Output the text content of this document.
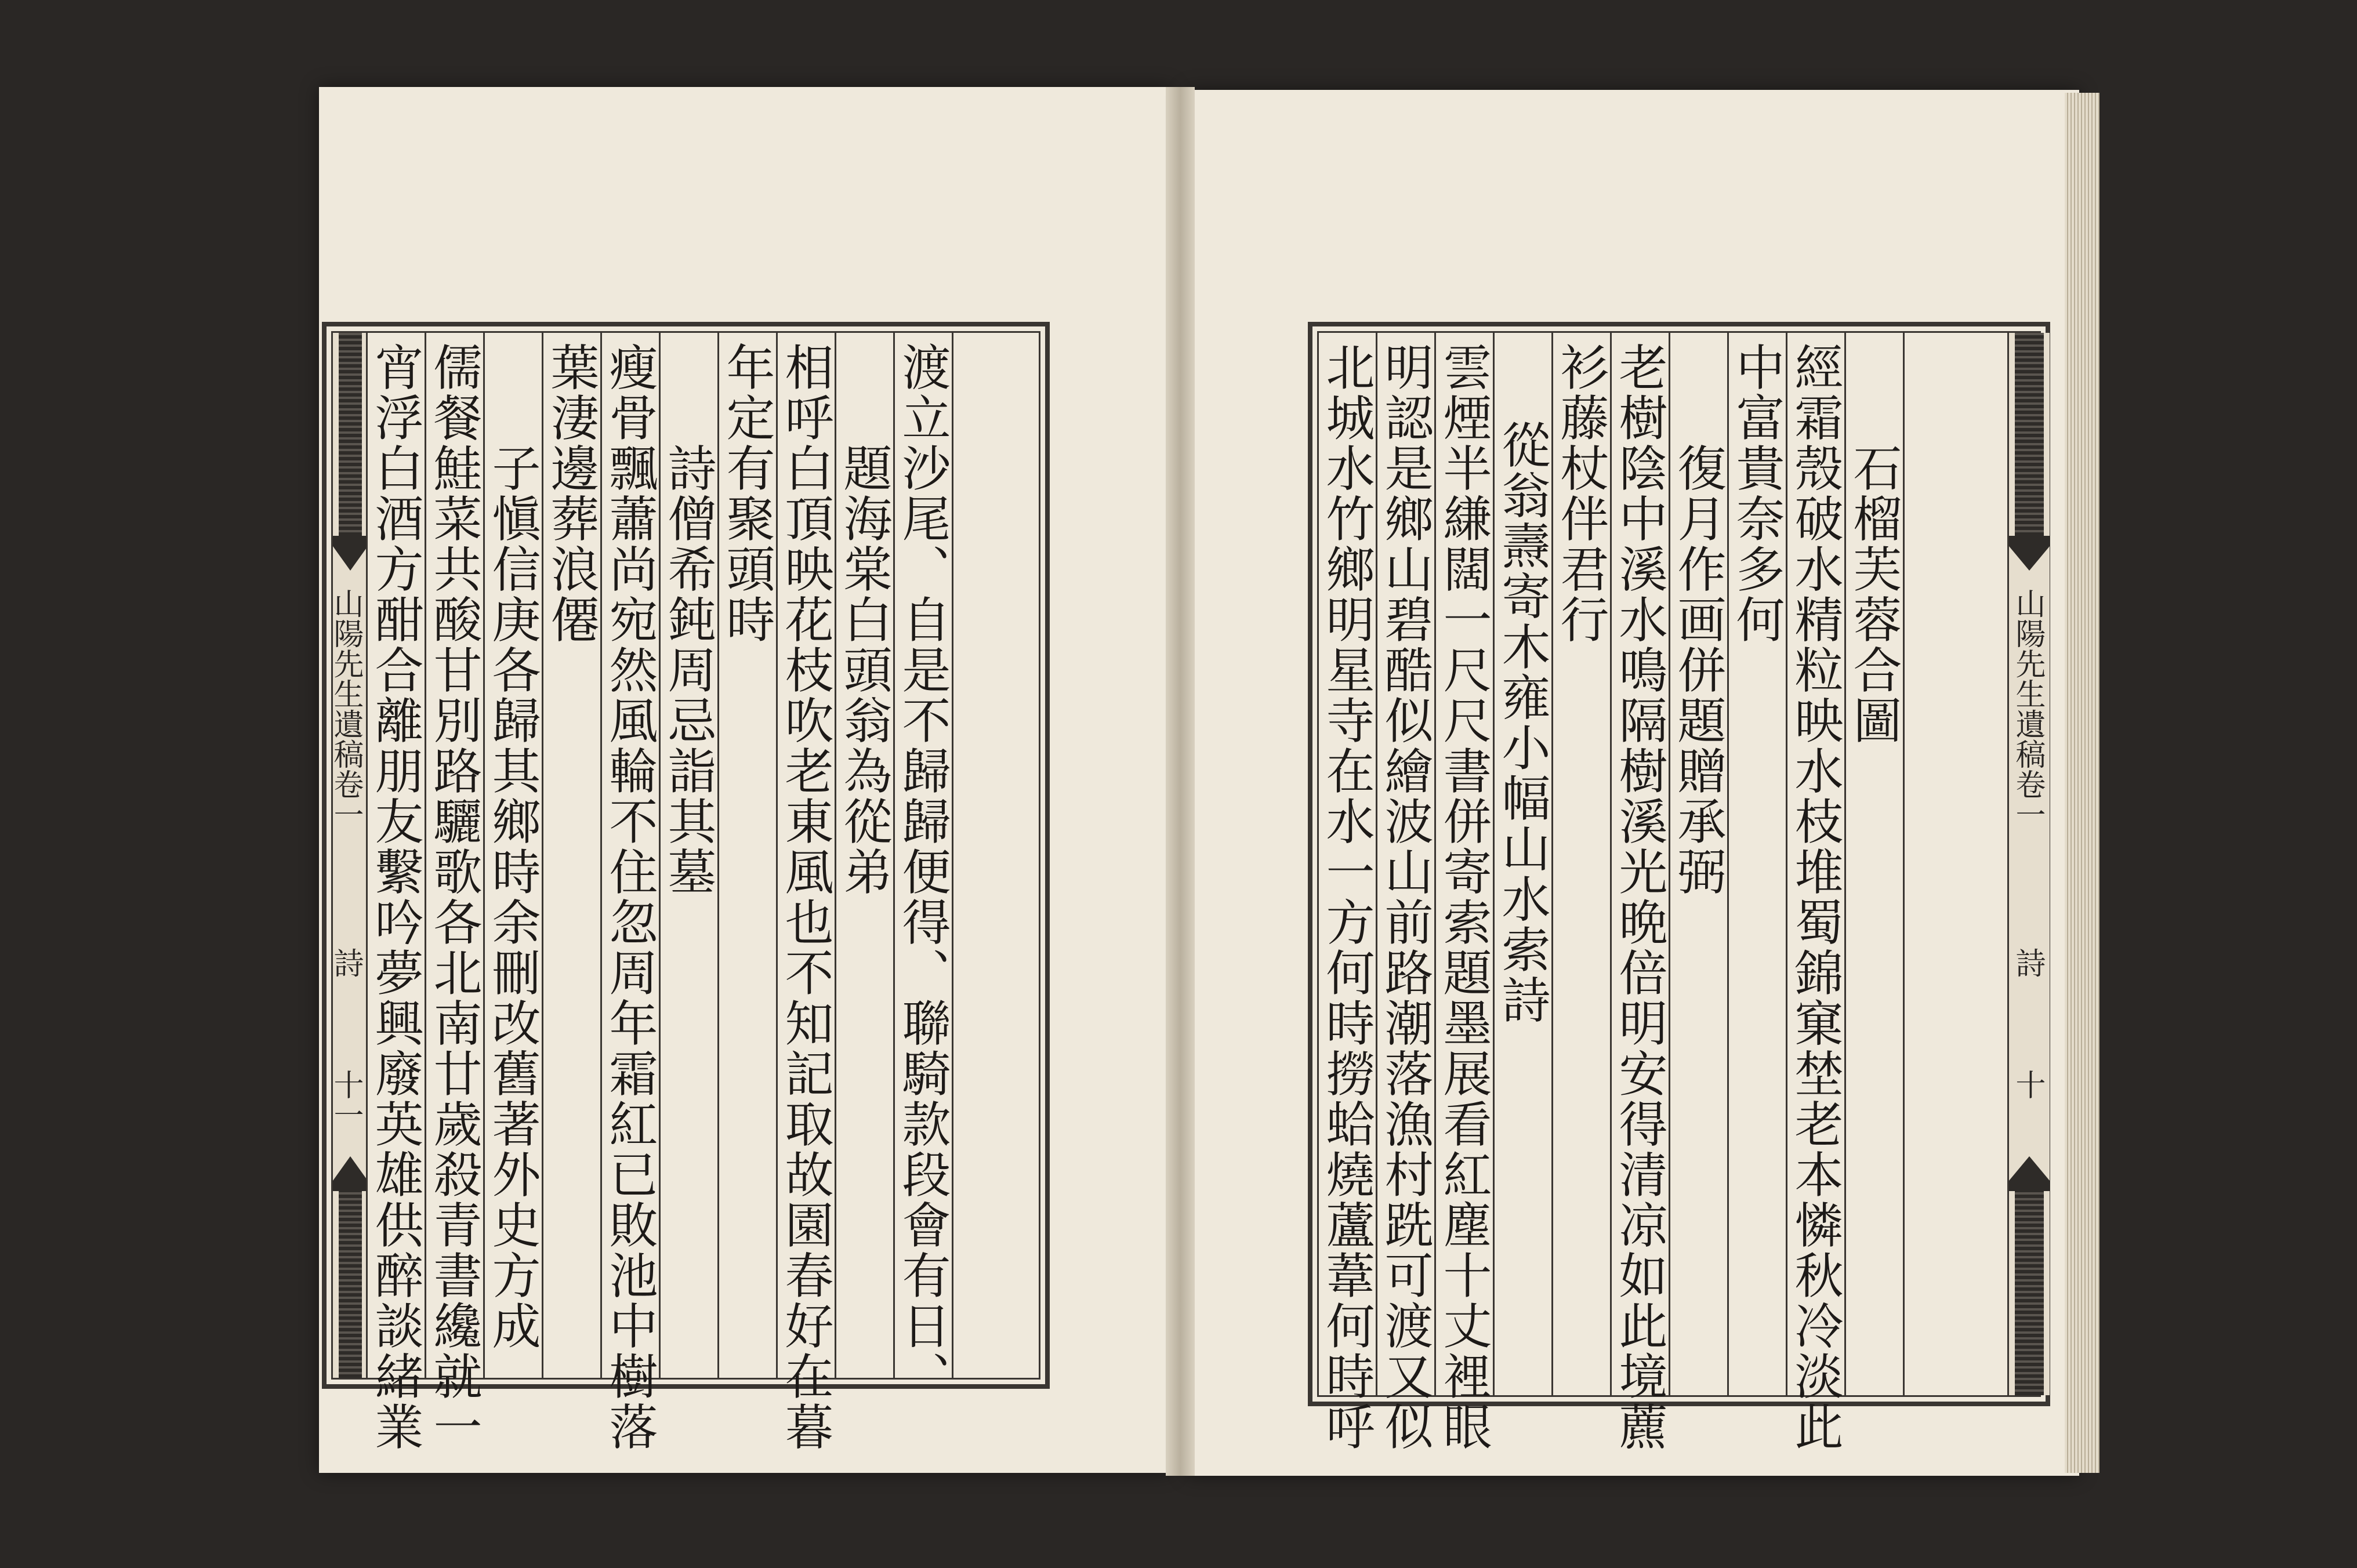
山陽先生遺稿卷一
詩
十一 宵浮白酒方酣合離朋友繫吟夢興廢英雄供醉談緒業 儒餐鮭菜共酸甘別路驪歌各北南廿歲殺青書纔就一 子愼信庚各歸其鄉時余刪改舊著外史方成 葉淒邊葬浪僊 瘦骨飄蕭尚宛然風輪不住忽周年霜紅已敗池中樹落 詩僧希鈍周忌詣其墓 年定有聚頭時 相呼白頂映花枝吹老東風也不知記取故園春好在暮 題海棠白頭翁為從弟 渡立沙尾、自是不歸歸便得、聯騎款段會有日、	北城水竹鄉明星寺在水一方何時撈蛤燒蘆葦何時呼 明認是鄉山碧酷似繪波山前路潮落漁村跣可渡又似 雲煙半縑闊一尺尺書併寄索題墨展看紅塵十丈裡眼 從翁燾寄木雍小幅山水索詩 衫藤杖伴君行 老樹陰中溪水鳴隔樹溪光晩倍明安得清凉如此境藨 復月作画併題贈承弼 中富貴奈多何 經霜殼破水精粒映水枝堆蜀錦窠埜老本憐秋冷淡此 石榴芙蓉合圖	山陽先生遺稿卷一
詩
十
